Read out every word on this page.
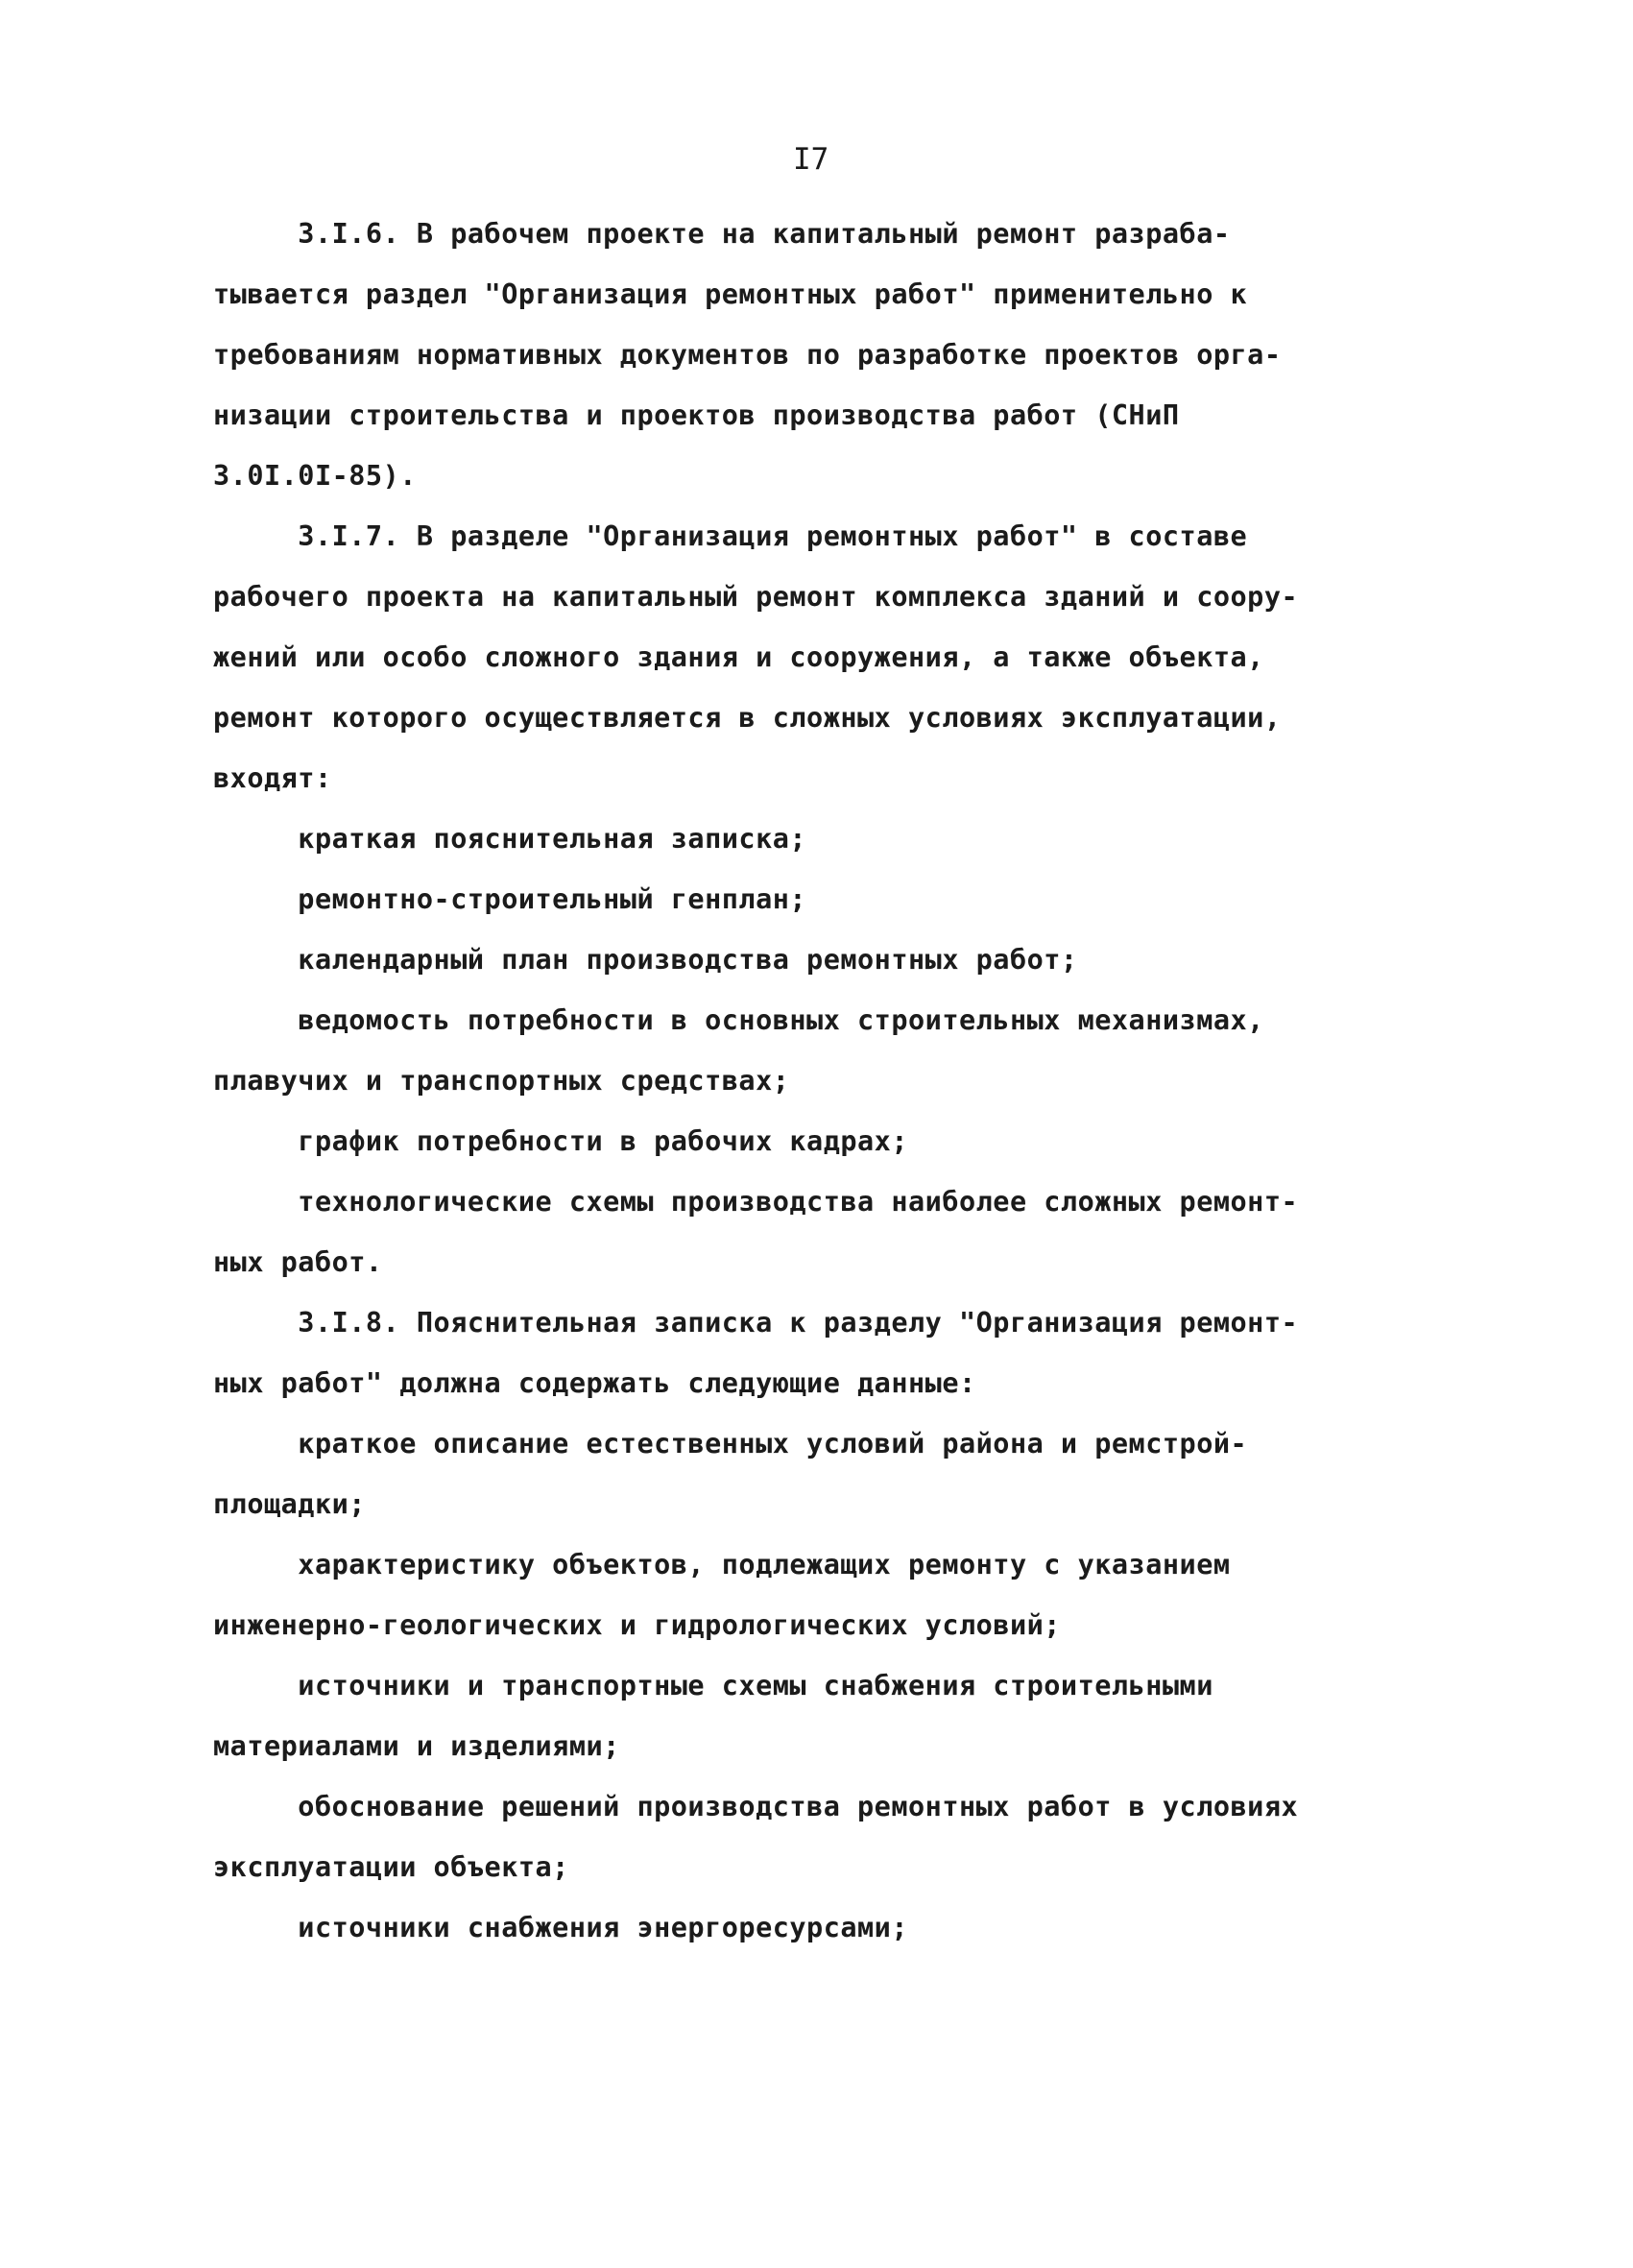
I7

3.I.6. В рабочем проекте на капитальный ремонт разраба-
тывается раздел "Организация ремонтных работ" применительно к
требованиям нормативных документов по разработке проектов орга-
низации строительства и проектов производства работ (СНиП
3.0I.0I-85).
3.I.7. В разделе "Организация ремонтных работ" в составе
рабочего проекта на капитальный ремонт комплекса зданий и соору-
жений или особо сложного здания и сооружения, а также объекта,
ремонт которого осуществляется в сложных условиях эксплуатации,
входят:
краткая пояснительная записка;
ремонтно-строительный генплан;
календарный план производства ремонтных работ;
ведомость потребности в основных строительных механизмах,
плавучих и транспортных средствах;
график потребности в рабочих кадрах;
технологические схемы производства наиболее сложных ремонт-
ных работ.
3.I.8. Пояснительная записка к разделу "Организация ремонт-
ных работ" должна содержать следующие данные:
краткое описание естественных условий района и ремстрой-
площадки;
характеристику объектов, подлежащих ремонту с указанием
инженерно-геологических и гидрологических условий;
источники и транспортные схемы снабжения строительными
материалами и изделиями;
обоснование решений производства ремонтных работ в условиях
эксплуатации объекта;
источники снабжения энергоресурсами;
